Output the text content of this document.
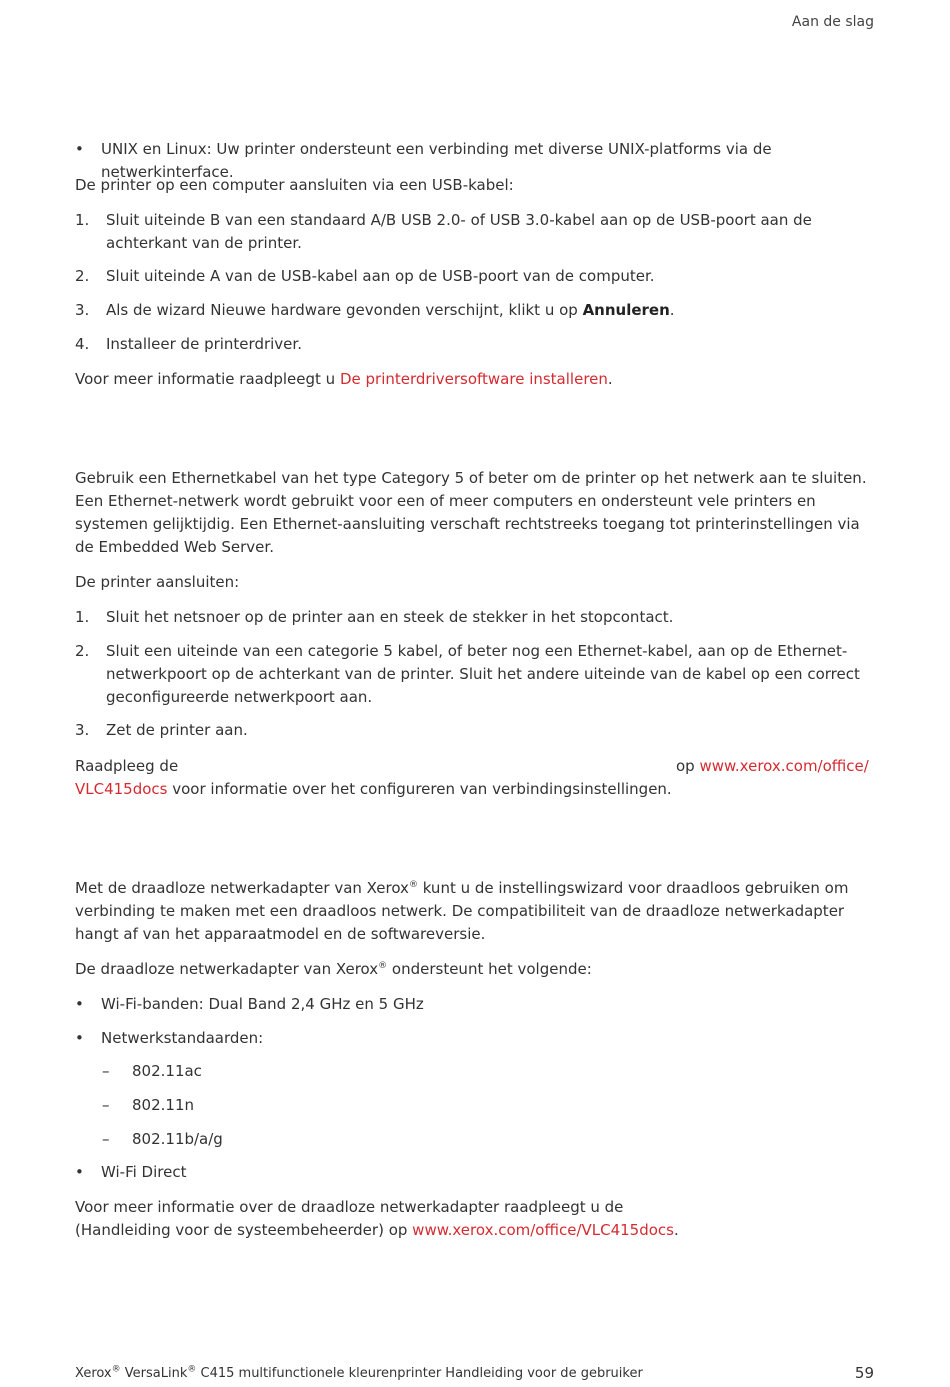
Aan de slag
• UNIX en Linux: Uw printer ondersteunt een verbinding met diverse UNIX-platforms via de netwerkinterface.

De printer op een computer aansluiten via een USB-kabel:

1. Sluit uiteinde B van een standaard A/B USB 2.0- of USB 3.0-kabel aan op de USB-poort aan de achterkant van de printer.
2. Sluit uiteinde A van de USB-kabel aan op de USB-poort van de computer.
3. Als de wizard Nieuwe hardware gevonden verschijnt, klikt u op Annuleren.
4. Installeer de printerdriver.

Voor meer informatie raadpleegt u De printerdriversoftware installeren.

Gebruik een Ethernetkabel van het type Category 5 of beter om de printer op het netwerk aan te sluiten. Een Ethernet-netwerk wordt gebruikt voor een of meer computers en ondersteunt vele printers en systemen gelijktijdig. Een Ethernet-aansluiting verschaft rechtstreeks toegang tot printerinstellingen via de Embedded Web Server.

De printer aansluiten:

1. Sluit het netsnoer op de printer aan en steek de stekker in het stopcontact.
2. Sluit een uiteinde van een categorie 5 kabel, of beter nog een Ethernet-kabel, aan op de Ethernet-netwerkpoort op de achterkant van de printer. Sluit het andere uiteinde van de kabel op een correct geconfigureerde netwerkpoort aan.
3. Zet de printer aan.
Raadpleeg de	op www.xerox.com/office/
VLC415docs voor informatie over het configureren van verbindingsinstellingen.

Met de draadloze netwerkadapter van Xerox® kunt u de instellingswizard voor draadloos gebruiken om verbinding te maken met een draadloos netwerk. De compatibiliteit van de draadloze netwerkadapter hangt af van het apparaatmodel en de softwareversie.

De draadloze netwerkadapter van Xerox® ondersteunt het volgende:

• Wi-Fi-banden: Dual Band 2,4 GHz en 5 GHz
• Netwerkstandaarden:
– 802.11ac
– 802.11n
– 802.11b/a/g
• Wi-Fi Direct
Voor meer informatie over de draadloze netwerkadapter raadpleegt u de
(Handleiding voor de systeembeheerder) op www.xerox.com/office/VLC415docs.
Xerox® VersaLink® C415 multifunctionele kleurenprinter Handleiding voor de gebruiker	59
